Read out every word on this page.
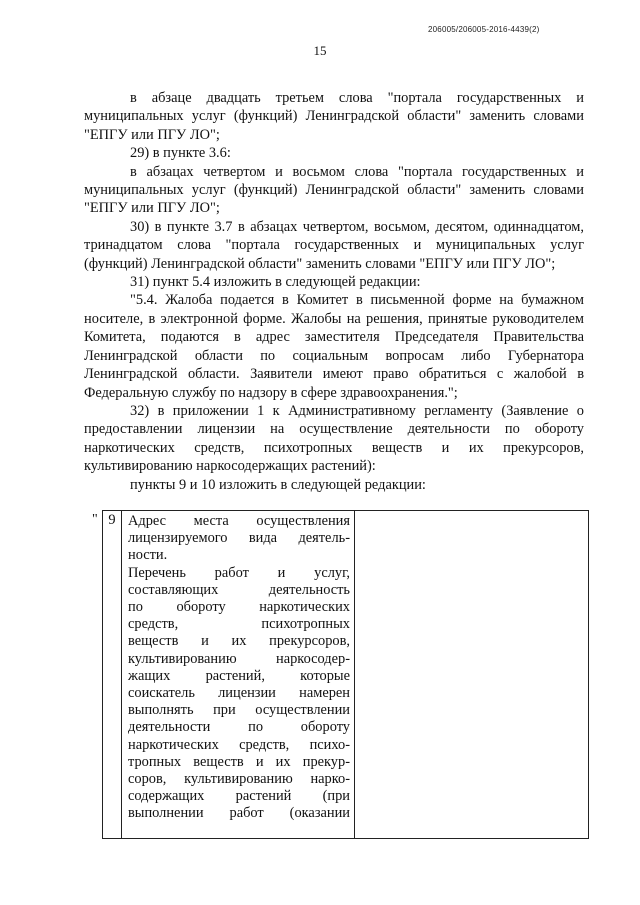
206005/206005-2016-4439(2)
15

в абзаце двадцать третьем слова "портала государственных и муниципальных услуг (функций) Ленинградской области" заменить словами "ЕПГУ или ПГУ ЛО";

29) в пункте 3.6:

в абзацах четвертом и восьмом слова "портала государственных и муниципальных услуг (функций) Ленинградской области" заменить словами "ЕПГУ или ПГУ ЛО";

30) в пункте 3.7 в абзацах четвертом, восьмом, десятом, одиннадцатом, тринадцатом слова "портала государственных и муниципальных услуг (функций) Ленинградской области" заменить словами "ЕПГУ или ПГУ ЛО";

31) пункт 5.4 изложить в следующей редакции:

"5.4. Жалоба подается в Комитет в письменной форме на бумажном носителе, в электронной форме. Жалобы на решения, принятые руководителем Комитета, подаются в адрес заместителя Председателя Правительства Ленинградской области по социальным вопросам либо Губернатора Ленинградской области. Заявители имеют право обратиться с жалобой в Федеральную службу по надзору в сфере здравоохранения.";

32) в приложении 1 к Административному регламенту (Заявление о предоставлении лицензии на осуществление деятельности по обороту наркотических средств, психотропных веществ и их прекурсоров, культивированию наркосодержащих растений):

пункты 9 и 10 изложить в следующей редакции:

" 9	Адрес места осуществления
лицензируемого вида деятель-
ности.
Перечень работ и услуг,
составляющих деятельность
по обороту наркотических
средств, психотропных
веществ и их прекурсоров,
культивированию наркосодер-
жащих растений, которые
соискатель лицензии намерен
выполнять при осуществлении
деятельности по обороту
наркотических средств, психо-
тропных веществ и их прекур-
соров, культивированию нарко-
содержащих растений (при
выполнении работ (оказании
